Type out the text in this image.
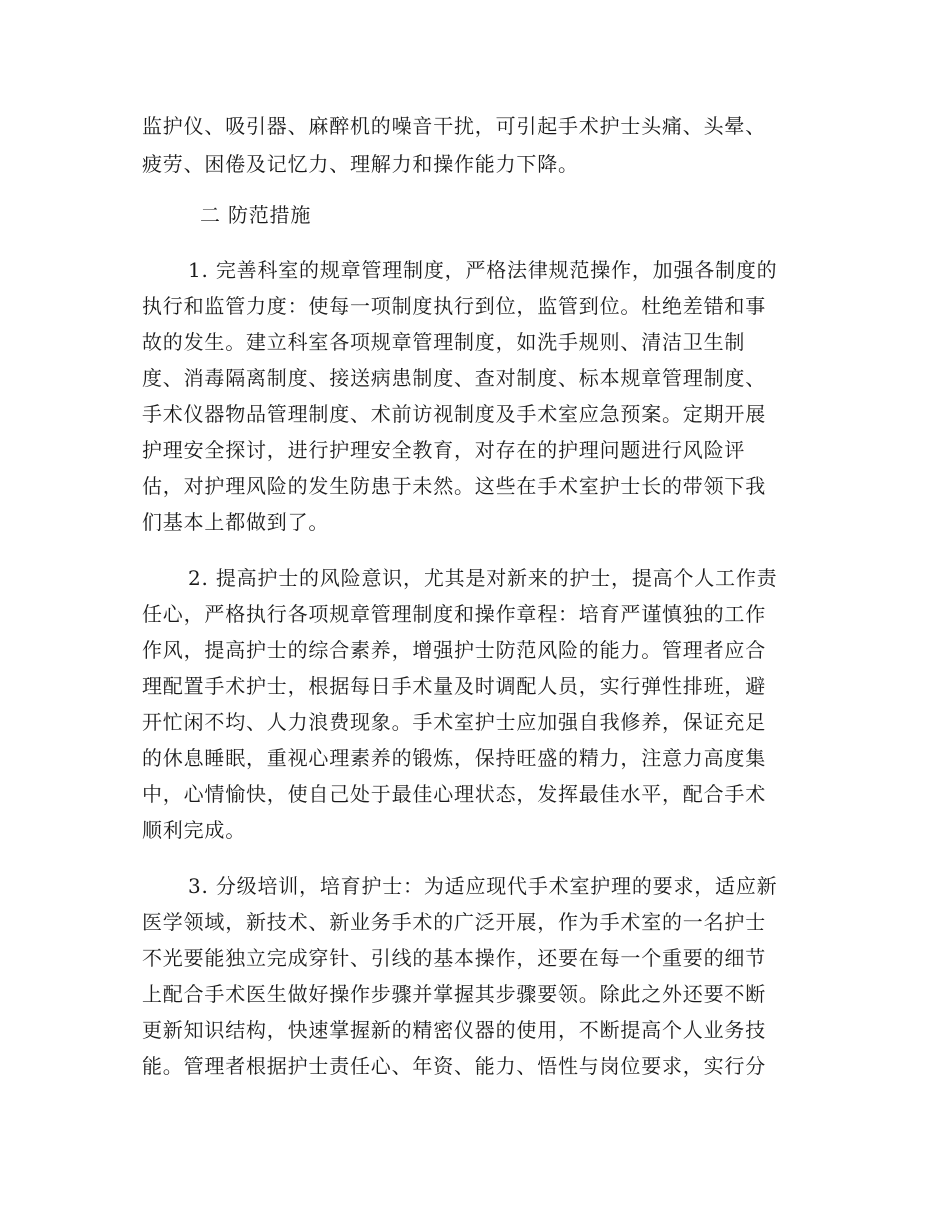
监护仪、吸引器、麻醉机的噪音干扰，可引起手术护士头痛、头晕、
疲劳、困倦及记忆力、理解力和操作能力下降。
二 防范措施
1. 完善科室的规章管理制度，严格法律规范操作，加强各制度的
执行和监管力度：使每一项制度执行到位，监管到位。杜绝差错和事
故的发生。建立科室各项规章管理制度，如洗手规则、清洁卫生制
度、消毒隔离制度、接送病患制度、查对制度、标本规章管理制度、
手术仪器物品管理制度、术前访视制度及手术室应急预案。定期开展
护理安全探讨，进行护理安全教育，对存在的护理问题进行风险评
估，对护理风险的发生防患于未然。这些在手术室护士长的带领下我
们基本上都做到了。
2. 提高护士的风险意识，尤其是对新来的护士，提高个人工作责
任心，严格执行各项规章管理制度和操作章程：培育严谨慎独的工作
作风，提高护士的综合素养，增强护士防范风险的能力。管理者应合
理配置手术护士，根据每日手术量及时调配人员，实行弹性排班，避
开忙闲不均、人力浪费现象。手术室护士应加强自我修养，保证充足
的休息睡眠，重视心理素养的锻炼，保持旺盛的精力，注意力高度集
中，心情愉快，使自己处于最佳心理状态，发挥最佳水平，配合手术
顺利完成。
3. 分级培训，培育护士：为适应现代手术室护理的要求，适应新
医学领域，新技术、新业务手术的广泛开展，作为手术室的一名护士
不光要能独立完成穿针、引线的基本操作，还要在每一个重要的细节
上配合手术医生做好操作步骤并掌握其步骤要领。除此之外还要不断
更新知识结构，快速掌握新的精密仪器的使用，不断提高个人业务技
能。管理者根据护士责任心、年资、能力、悟性与岗位要求，实行分
